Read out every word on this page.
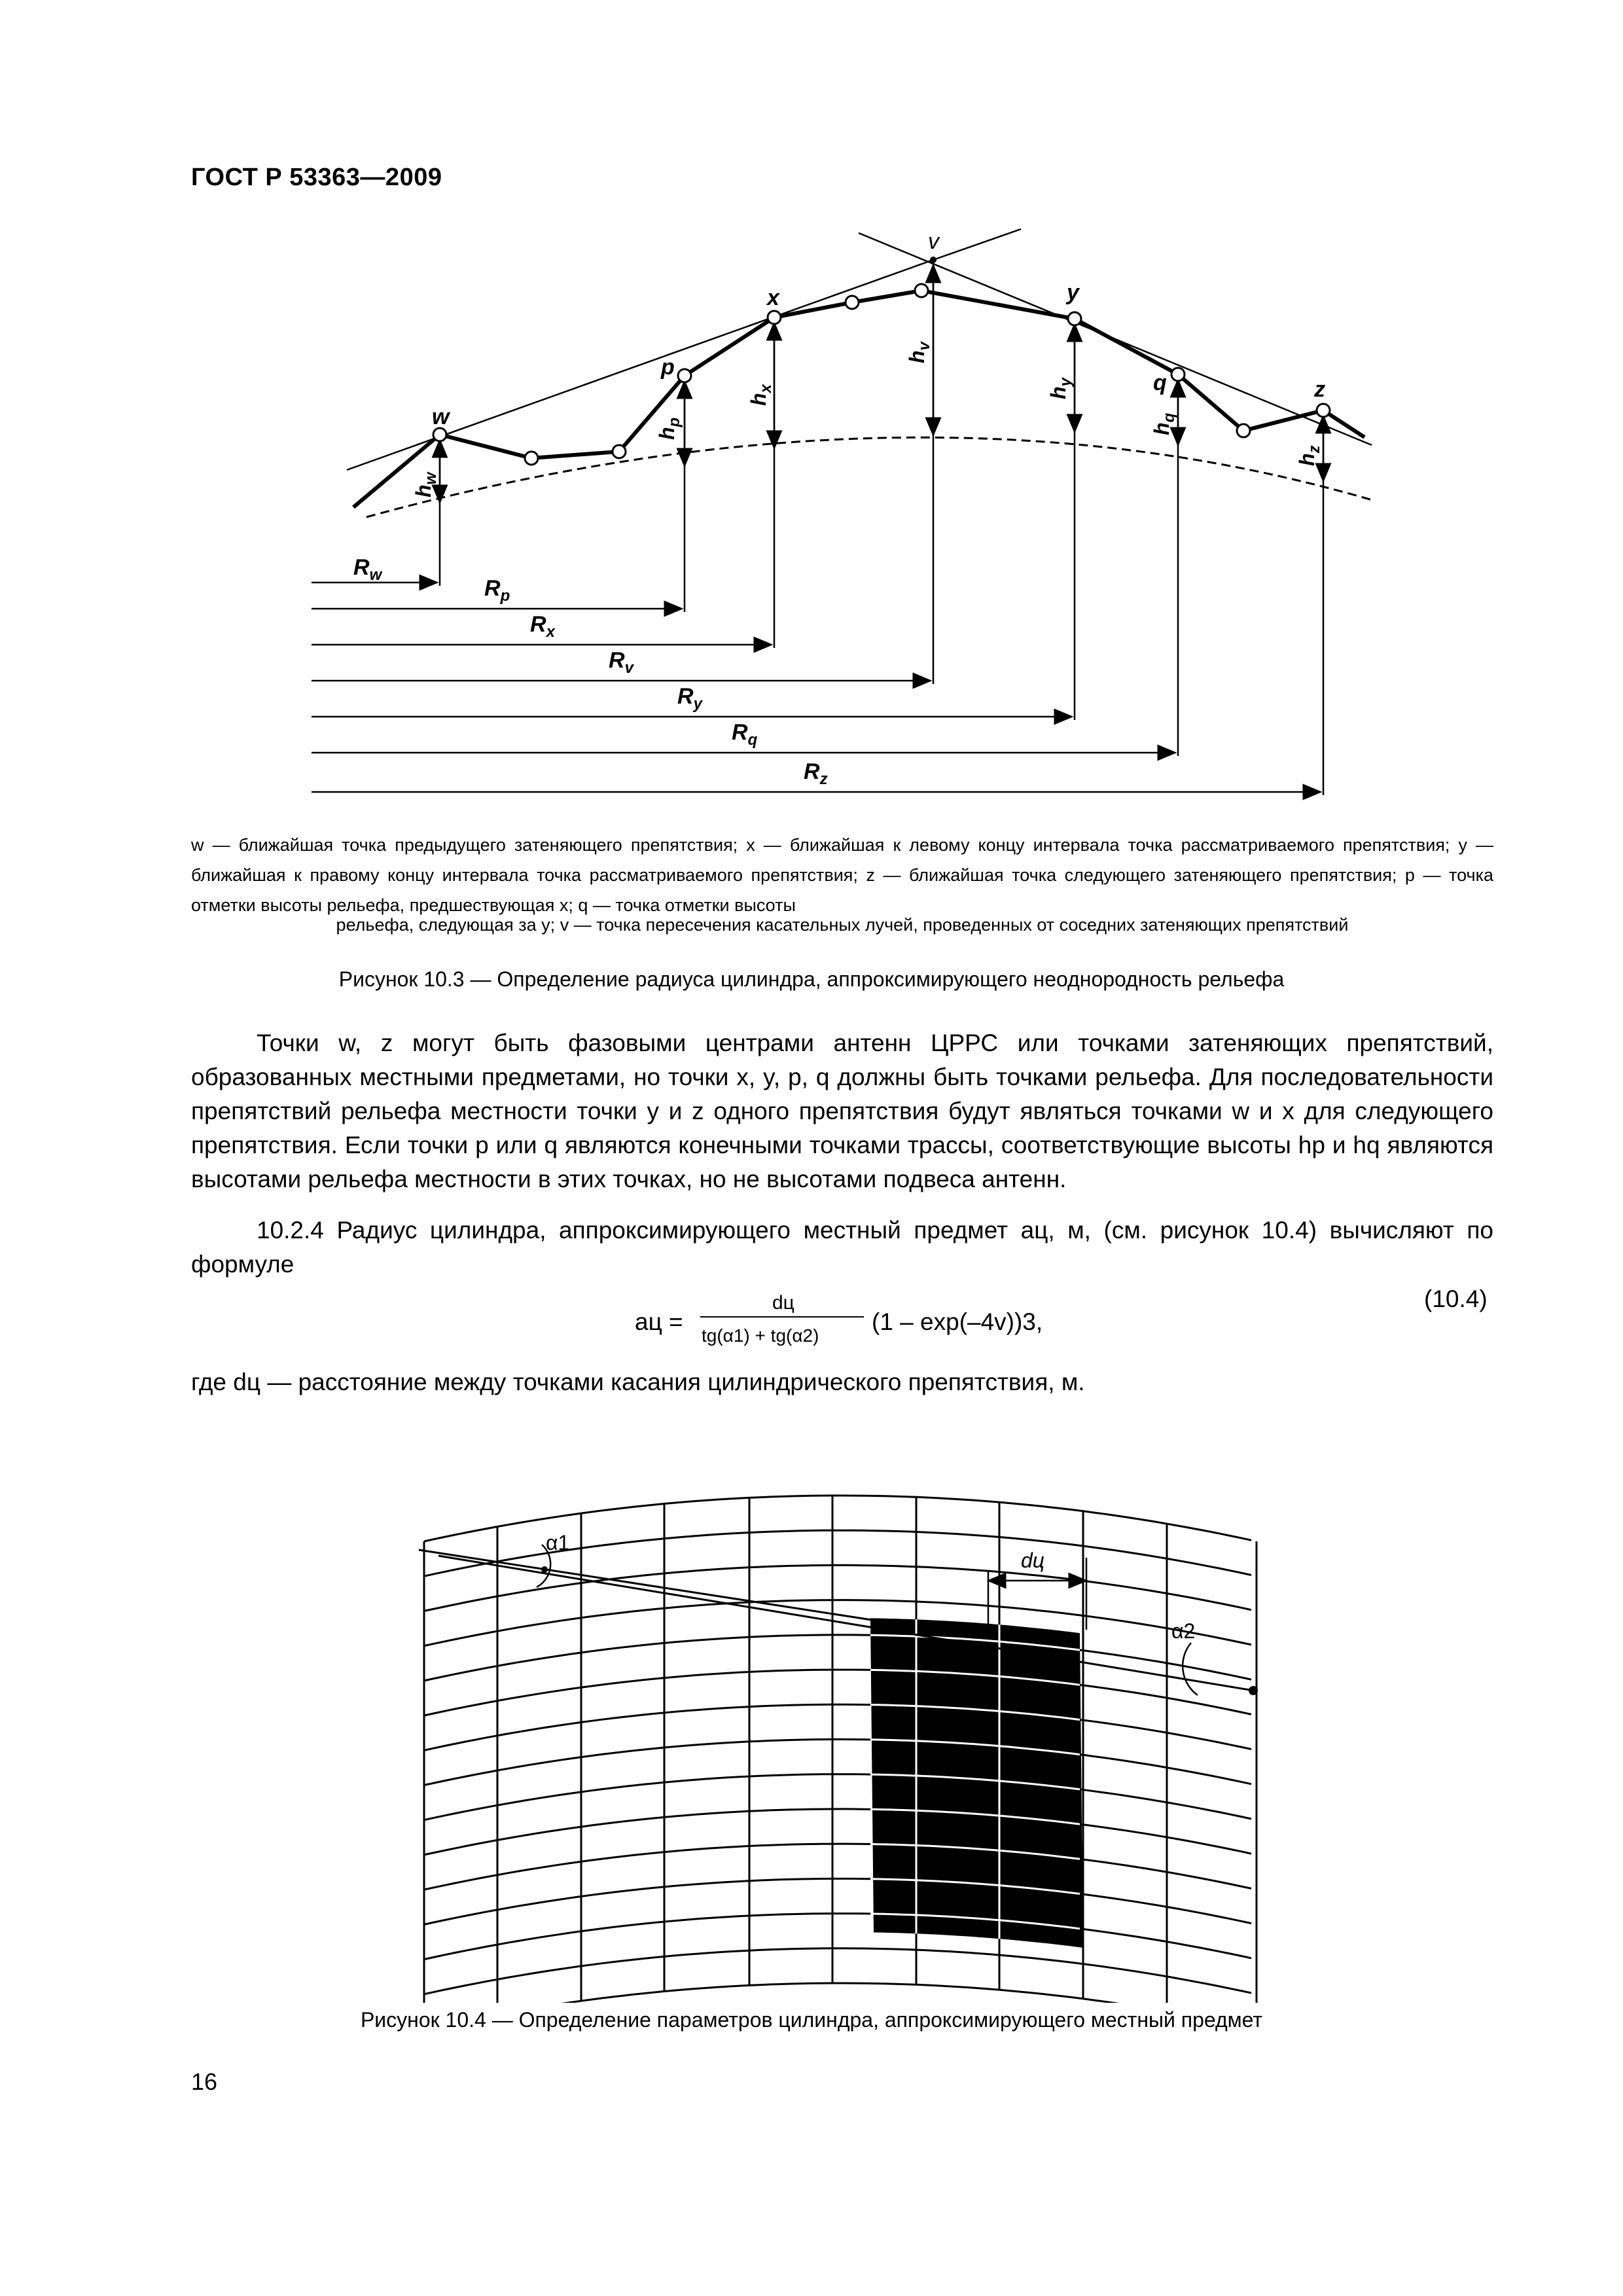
ГОСТ Р 53363—2009
w
p
x
v
y
q	z
$h_w$
$h_p$
$h_x$
$h_v$
$h_y$
$h_q$
$h_z$
$R_w$
$R_p$
$R_x$
$R_v$
$R_y$
$R_q$
$R_z$
w — ближайшая точка предыдущего затеняющего препятствия; x — ближайшая к левому концу интервала точка рассматриваемого препятствия; y — ближайшая к правому концу интервала точка рассматриваемого препятствия; z — ближайшая точка следующего затеняющего препятствия; p — точка отметки высоты рельефа, предшествующая x; q — точка отметки высоты
рельефа, следующая за y; v — точка пересечения касательных лучей, проведенных от соседних затеняющих препятствий
Рисунок 10.3 — Определение радиуса цилиндра, аппроксимирующего неоднородность рельефа
Точки w, z могут быть фазовыми центрами антенн ЦРРС или точками затеняющих препятствий, образованных местными предметами, но точки x, y, p, q должны быть точками рельефа. Для последовательности препятствий рельефа местности точки y и z одного препятствия будут являться точками w и x для следующего препятствия. Если точки p или q являются конечными точками трассы, соответствующие высоты hp и hq являются высотами рельефа местности в этих точках, но не высотами подвеса антенн.
10.2.4 Радиус цилиндра, аппроксимирующего местный предмет aц, м, (см. рисунок 10.4) вычисляют по формуле
aц =
dц
tg(α1) + tg(α2)
(1 – exp(–4v))3,
(10.4)
где dц — расстояние между точками касания цилиндрического препятствия, м.
α1
α2
dц
Рисунок 10.4 — Определение параметров цилиндра, аппроксимирующего местный предмет
16
